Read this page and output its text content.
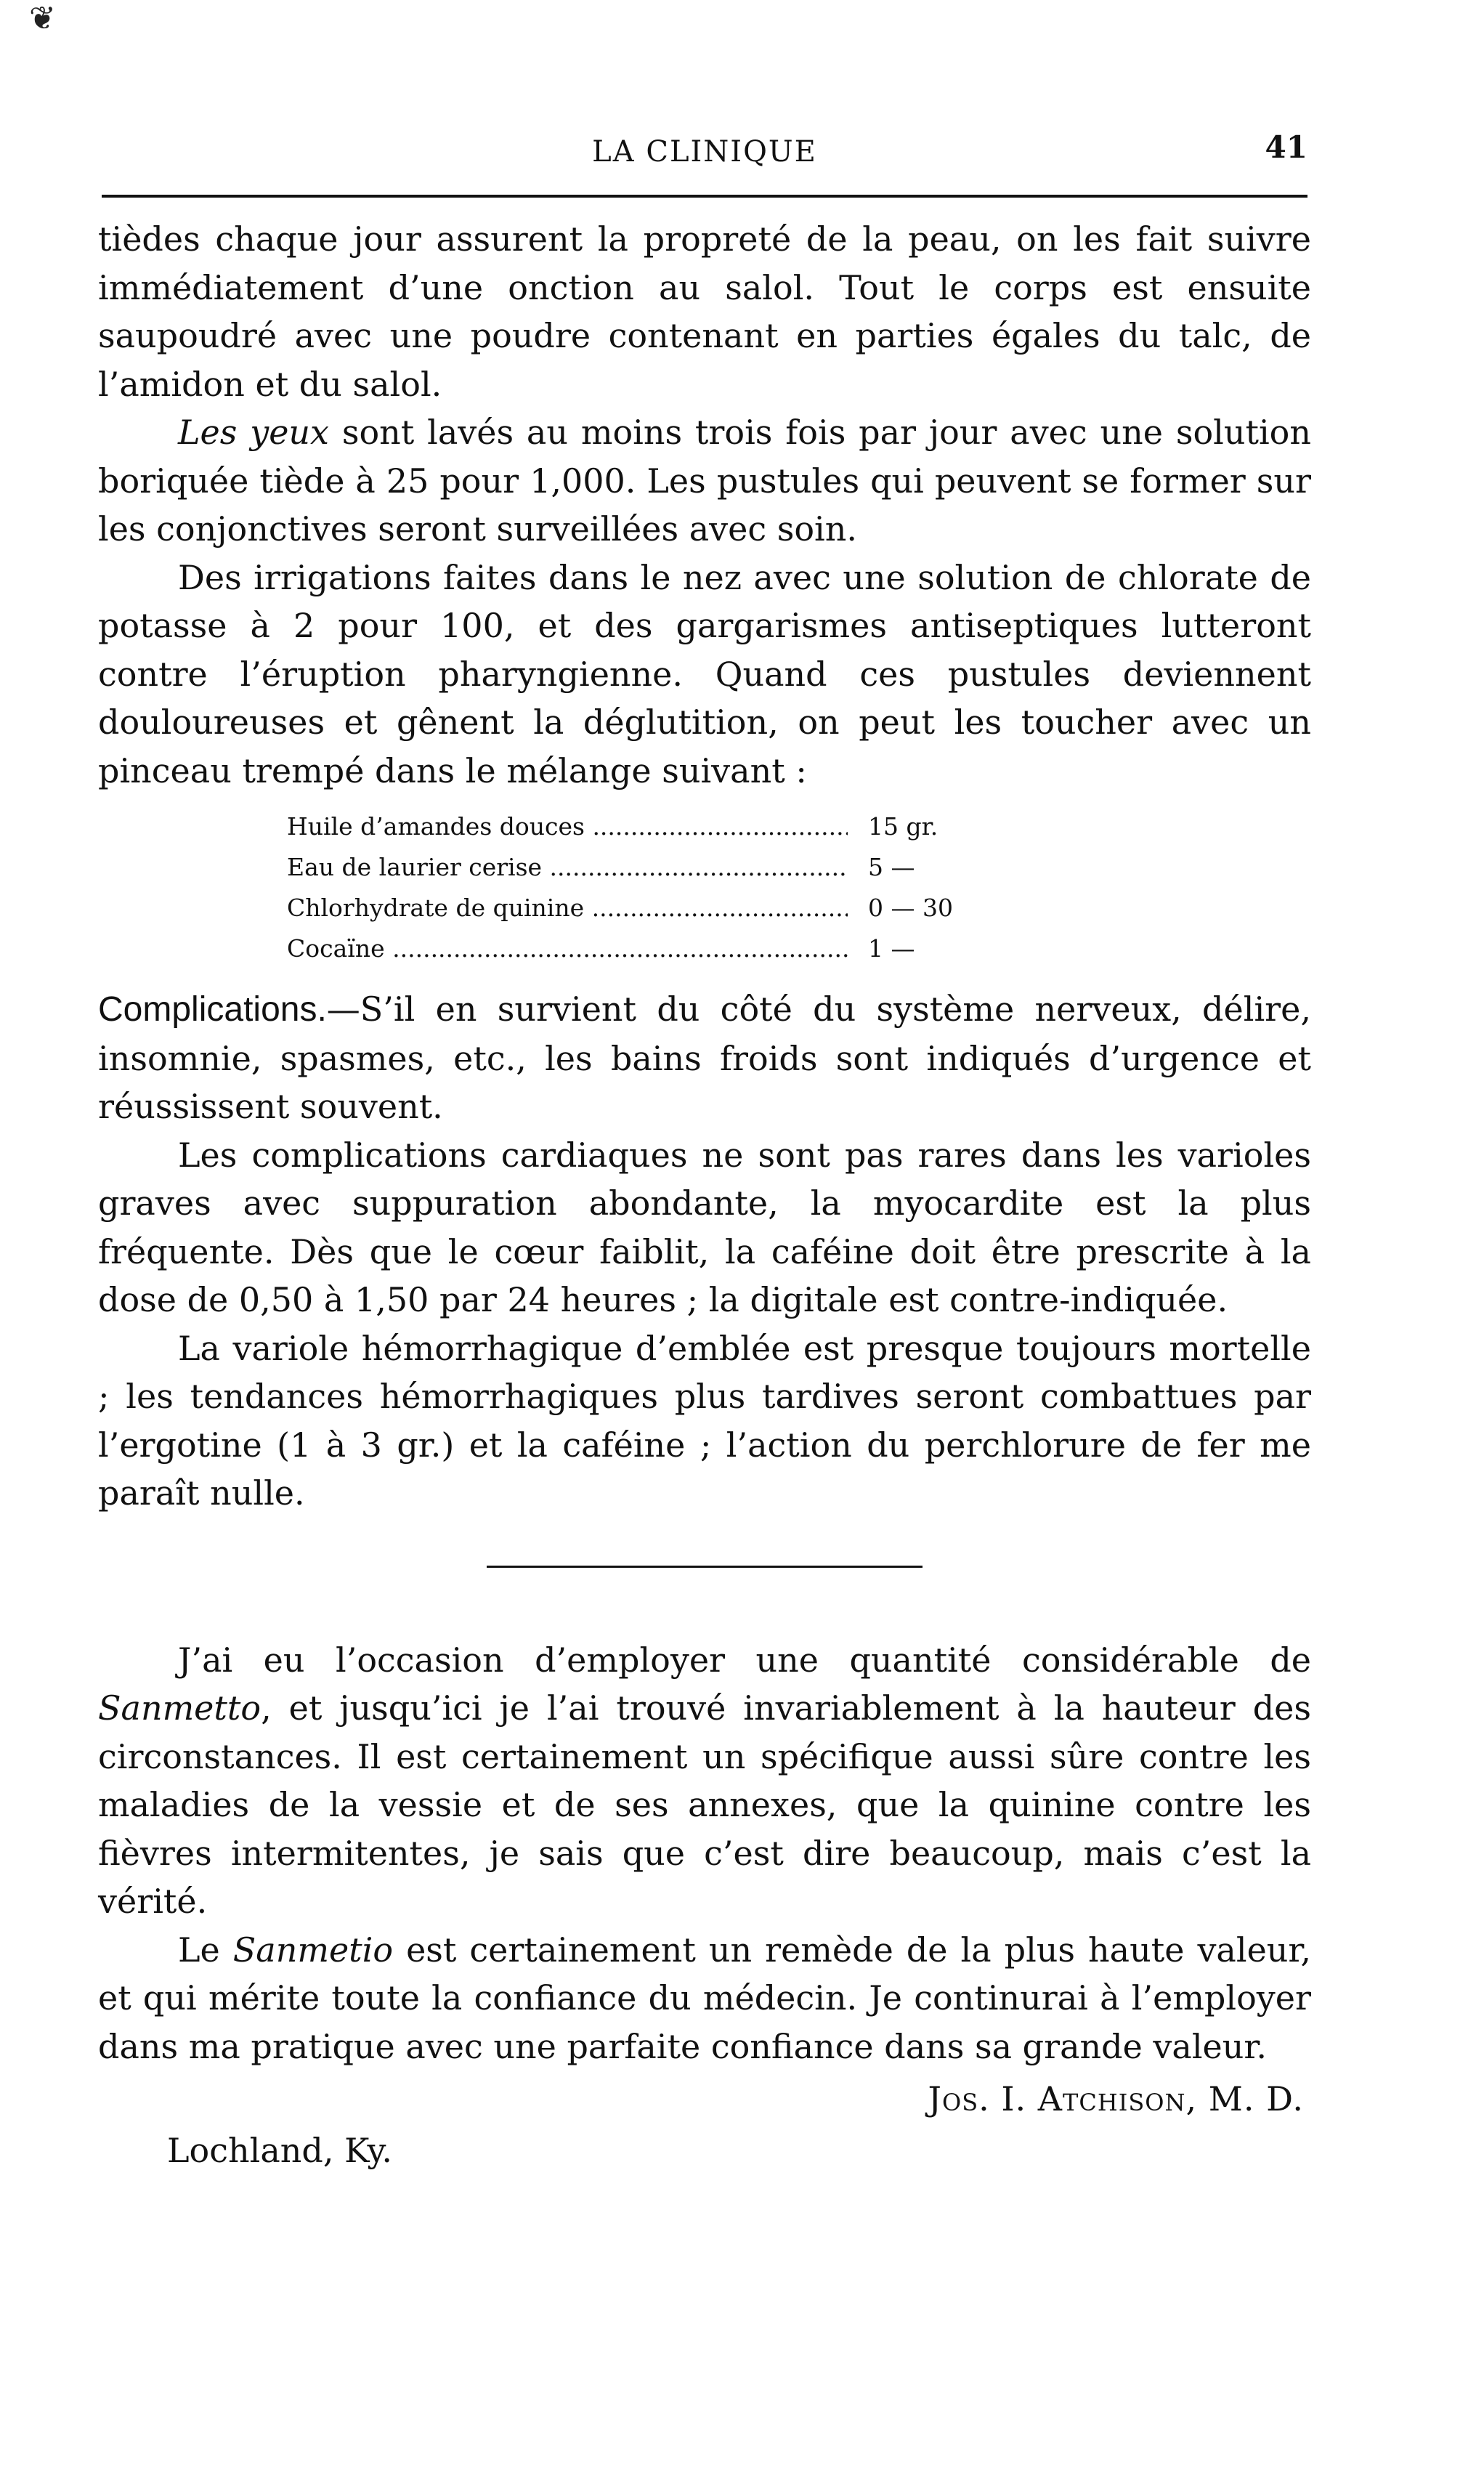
❦
LA CLINIQUE	41

tièdes chaque jour assurent la propreté de la peau, on les fait suivre immédiatement d’une onction au salol. Tout le corps est ensuite saupoudré avec une poudre contenant en parties égales du talc, de l’amidon et du salol.

Les yeux sont lavés au moins trois fois par jour avec une solution boriquée tiède à 25 pour 1,000. Les pustules qui peuvent se former sur les conjonctives seront surveillées avec soin.

Des irrigations faites dans le nez avec une solution de chlorate de potasse à 2 pour 100, et des gargarismes antiseptiques lutteront contre l’éruption pharyngienne. Quand ces pustules deviennent douloureuses et gênent la déglutition, on peut les toucher avec un pinceau trempé dans le mélange suivant :

Huile d’amandes douces .....	15 gr.
Eau de laurier cerise .....	5 —
Chlorhydrate de quinine .....	0 — 30
Cocaïne .....	1 —

Complications.—S’il en survient du côté du système nerveux, délire, insomnie, spasmes, etc., les bains froids sont indiqués d’urgence et réussissent souvent.

Les complications cardiaques ne sont pas rares dans les varioles graves avec suppuration abondante, la myocardite est la plus fréquente. Dès que le cœur faiblit, la caféine doit être prescrite à la dose de 0,50 à 1,50 par 24 heures ; la digitale est contre-indiquée.

La variole hémorrhagique d’emblée est presque toujours mortelle ; les tendances hémorrhagiques plus tardives seront combattues par l’ergotine (1 à 3 gr.) et la caféine ; l’action du perchlorure de fer me paraît nulle.

J’ai eu l’occasion d’employer une quantité considérable de Sanmetto, et jusqu’ici je l’ai trouvé invariablement à la hauteur des circonstances. Il est certainement un spécifique aussi sûre contre les maladies de la vessie et de ses annexes, que la quinine contre les fièvres intermitentes, je sais que c’est dire beaucoup, mais c’est la vérité.

Le Sanmetio est certainement un remède de la plus haute valeur, et qui mérite toute la confiance du médecin. Je continurai à l’employer dans ma pratique avec une parfaite confiance dans sa grande valeur.

Jos. I. Atchison, M. D.
Lochland, Ky.
